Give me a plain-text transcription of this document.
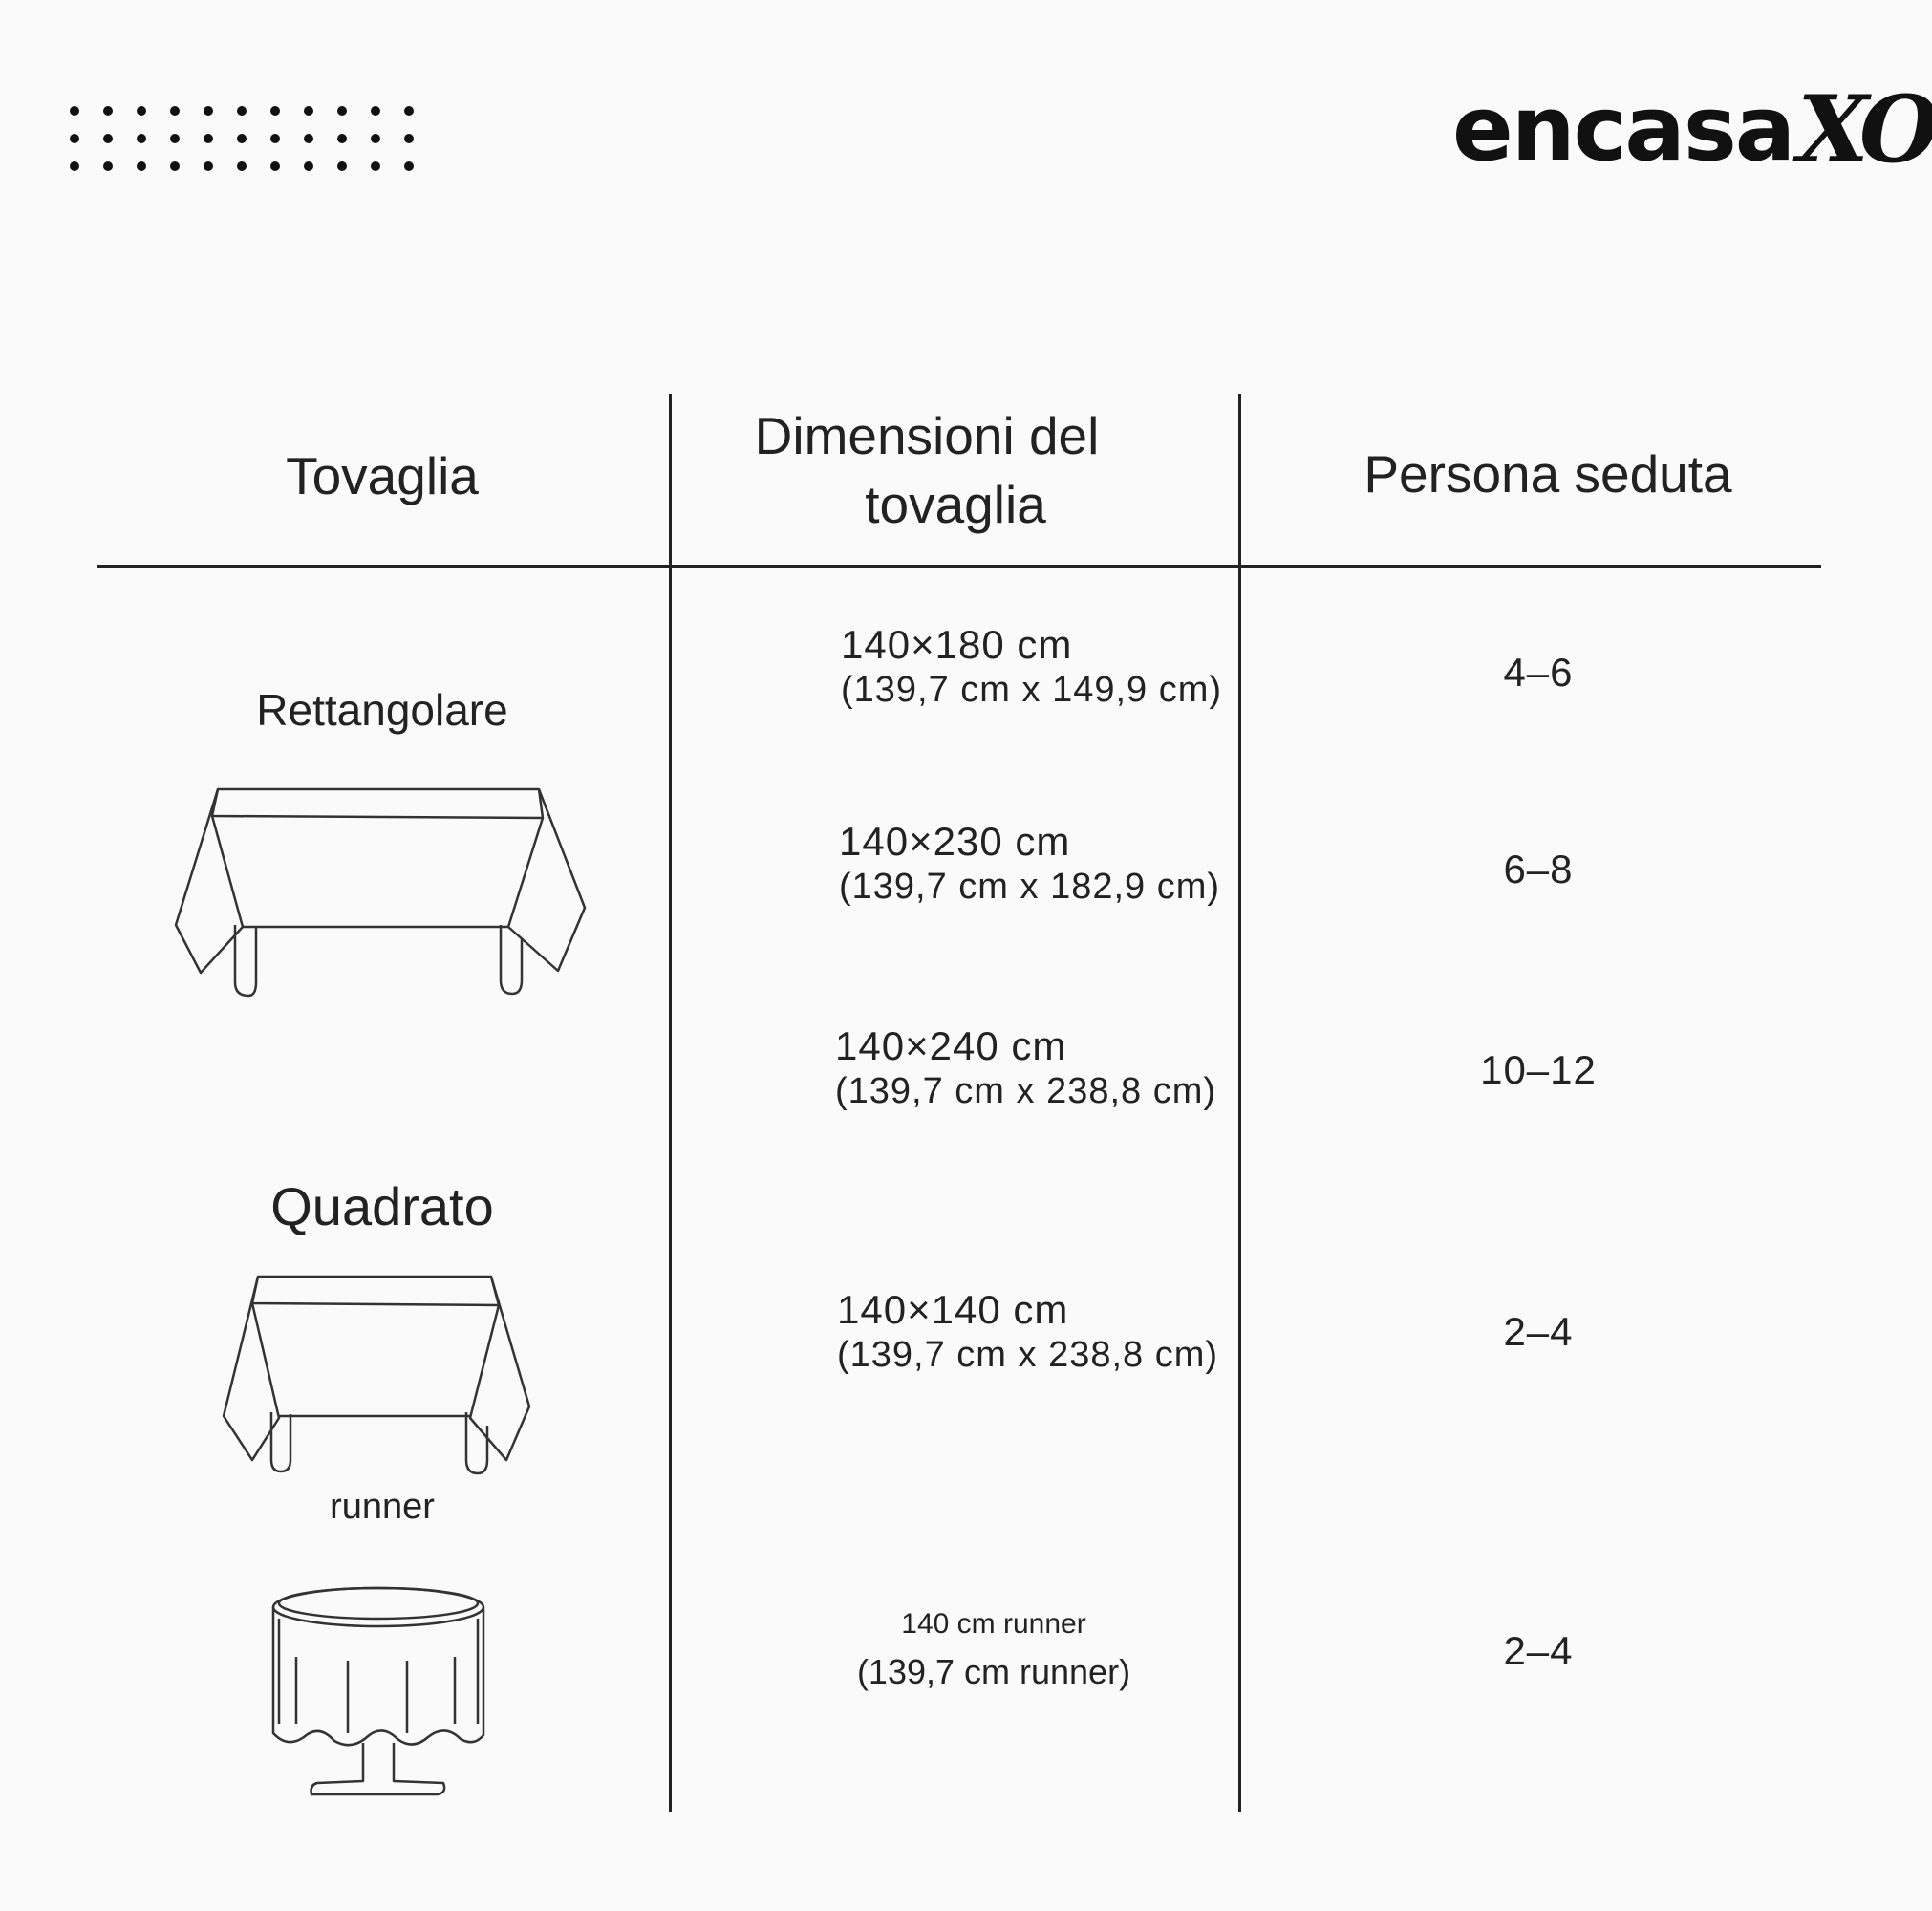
encasa XO
Tovaglia
Dimensioni del
tovaglia
Persona seduta
Rettangolare
Quadrato
runner
140×180 cm
(139,7 cm x 149,9 cm)
140×230 cm
(139,7 cm x 182,9 cm)
140×240 cm
(139,7 cm x 238,8 cm)
140×140 cm
(139,7 cm x 238,8 cm)
140 cm runner
(139,7 cm runner)
4–6
6–8
10–12
2–4
2–4
